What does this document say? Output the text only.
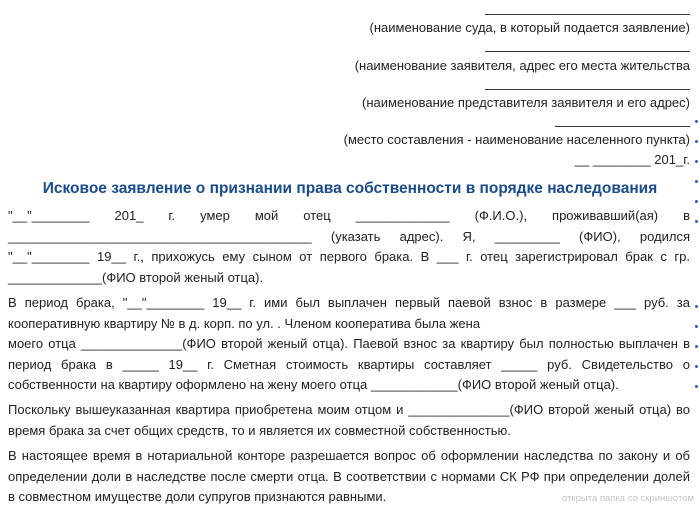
(наименование суда, в который подается заявление)
(наименование заявителя, адрес его места жительства
(наименование представителя заявителя и его адрес)
(место составления - наименование населенного пункта)
__ ________ 201_г.
Исковое заявление о признании права собственности в порядке наследования
"__"________ 201_ г. умер мой отец _____________ (Ф.И.О.), проживавший(ая) в
__________________________________________ (указать адрес). Я, _________ (ФИО), родился
"__"________ 19__ г., прихожусь ему сыном от первого брака. В ___ г. отец зарегистрировал брак с гр.
_____________(ФИО второй женый отца).
В период брака, "__"________ 19__ г. ими был выплачен первый паевой взнос в размере ___ руб. за
кооперативную квартиру № в д. корп. по ул. . Членом кооператива была жена
моего отца ______________(ФИО второй женый отца). Паевой взнос за квартиру был полностью выплачен в
период брака в _____ 19__ г. Сметная стоимость квартиры составляет _____ руб. Свидетельство о
собственности на квартиру оформлено на жену моего отца ____________(ФИО второй женый отца).
Поскольку вышеуказанная квартира приобретена моим отцом и ______________(ФИО второй женый отца) во
время брака за счет общих средств, то и является их совместной собственностью.
В настоящее время в нотариальной конторе разрешается вопрос об оформлении наследства по закону и об
определении доли в наследстве после смерти отца. В соответствии с нормами СК РФ при определении долей
в совместном имуществе доли супругов признаются равными.	открыта папка со скриншотом
